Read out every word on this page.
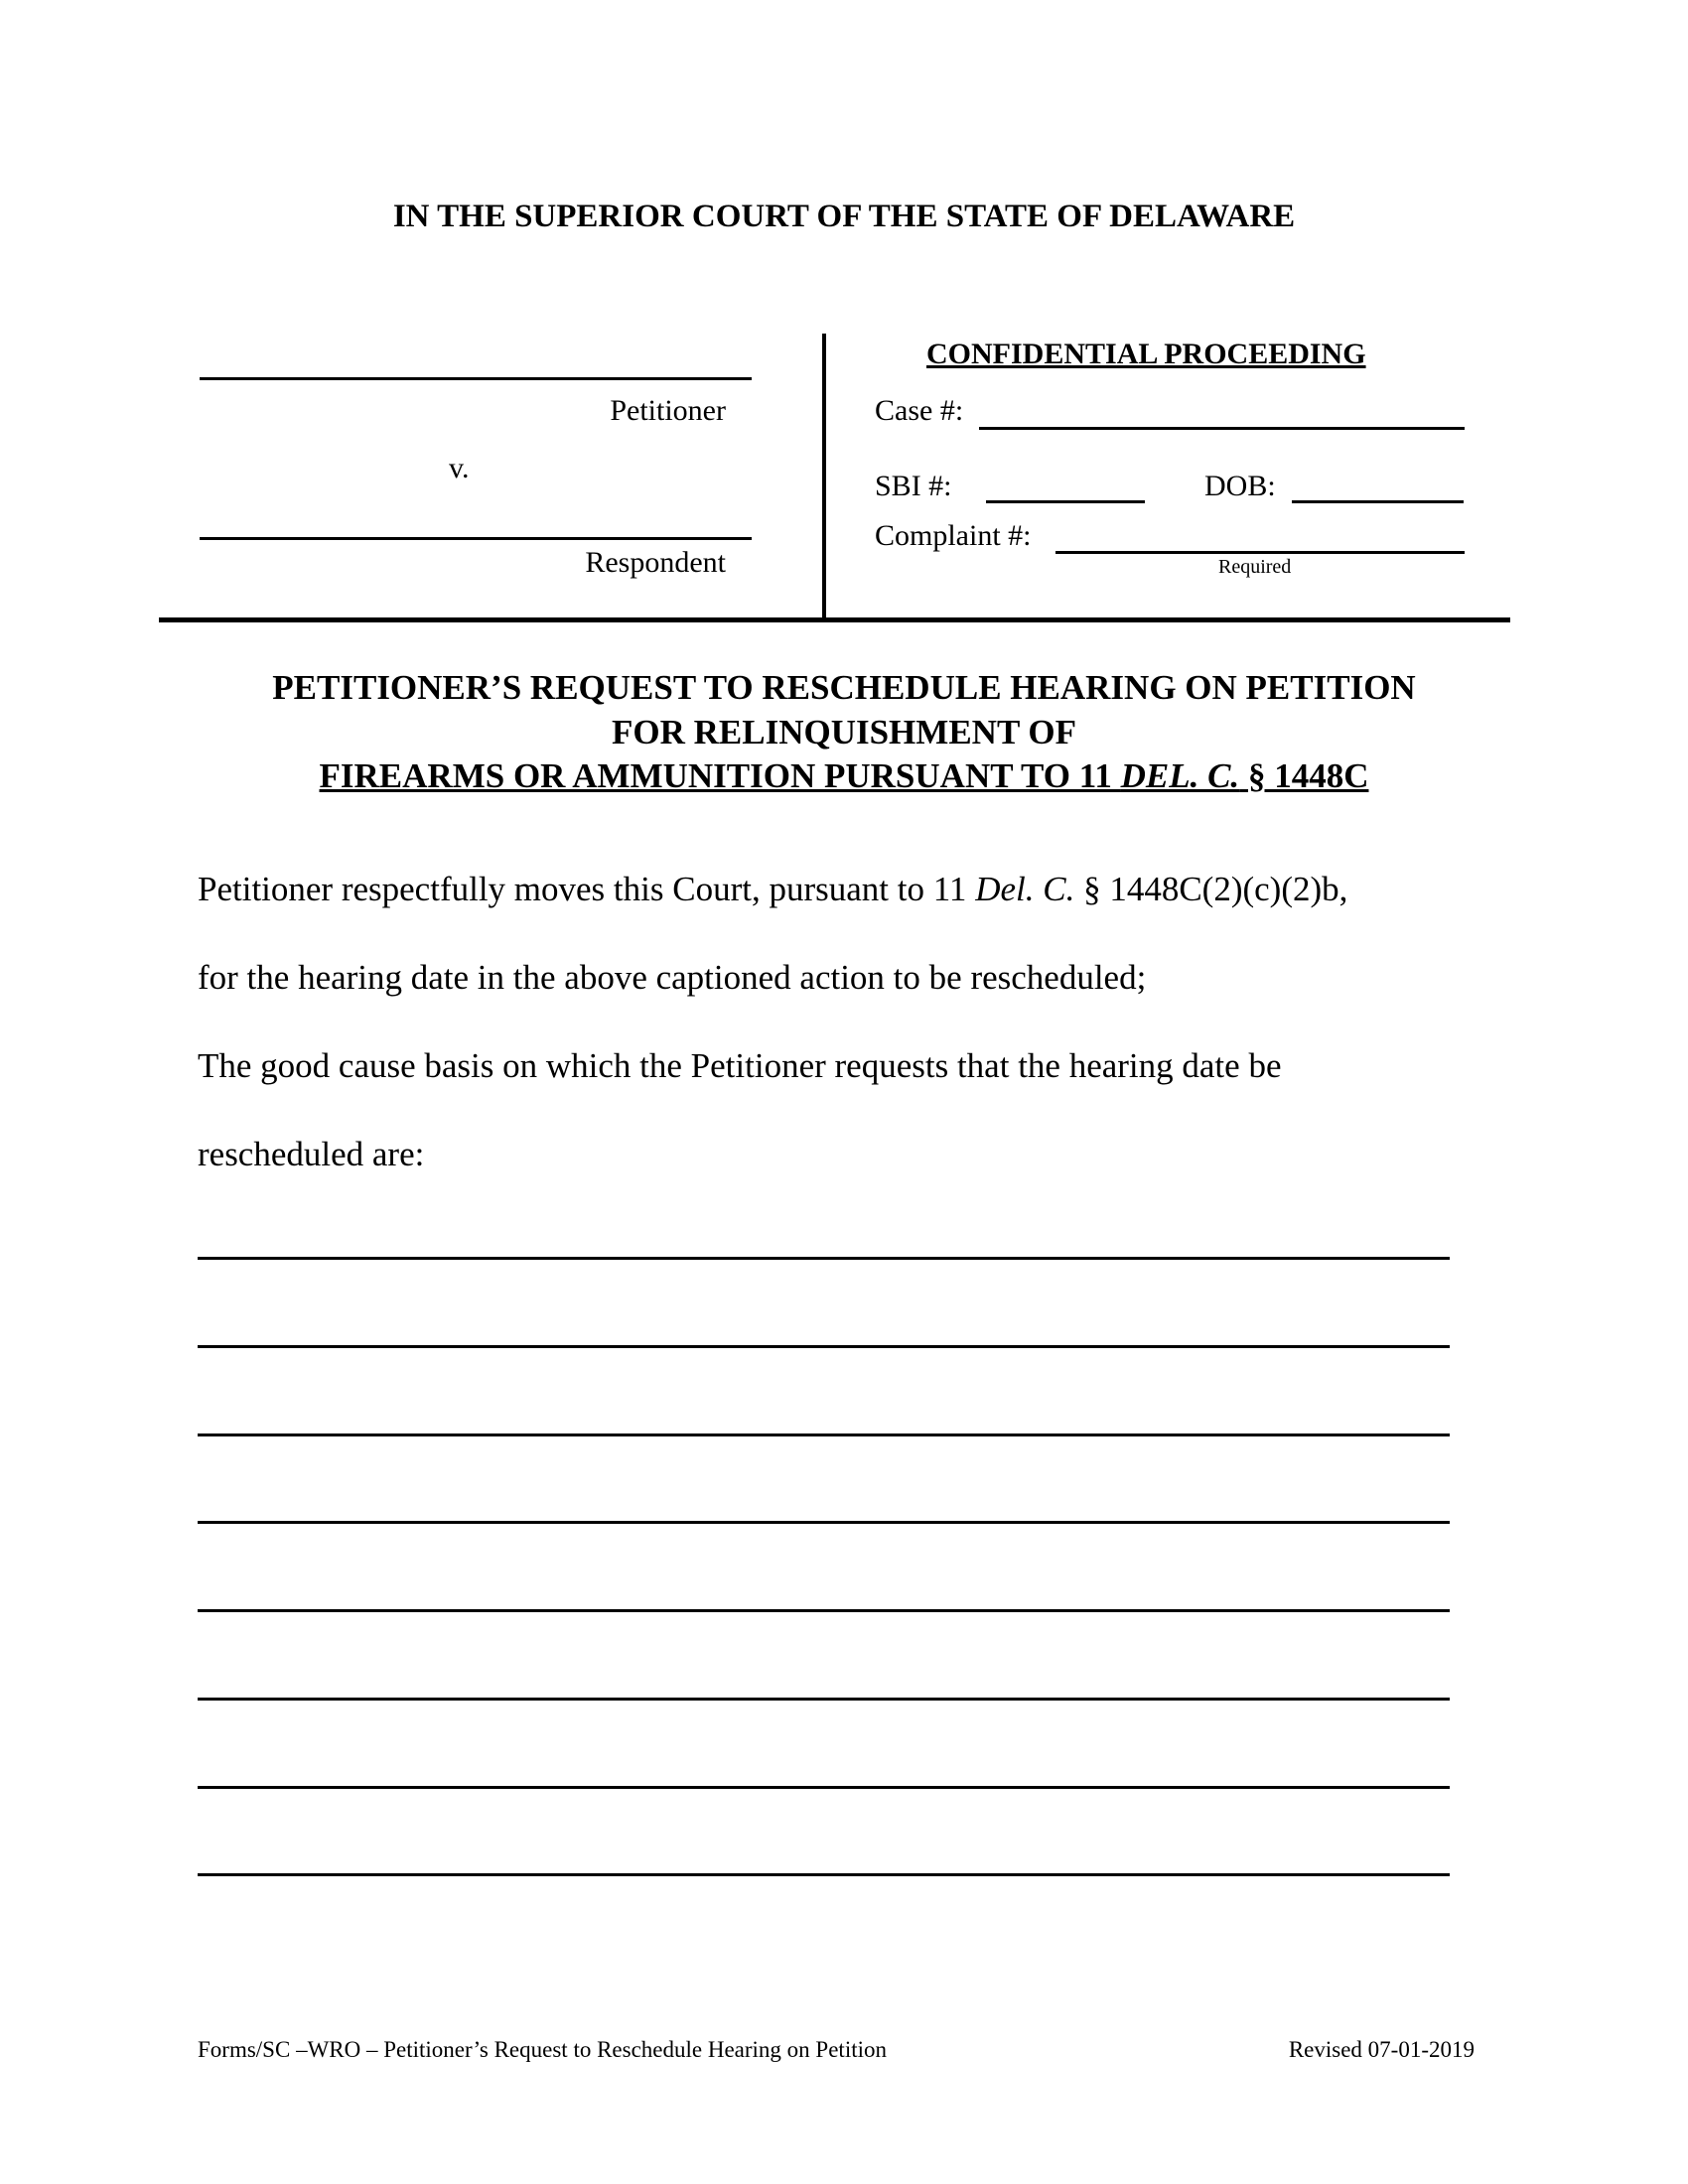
IN THE SUPERIOR COURT OF THE STATE OF DELAWARE
Petitioner
v.
Respondent
CONFIDENTIAL PROCEEDING
Case #:
SBI #:	DOB:
Complaint #:
Required
PETITIONER’S REQUEST TO RESCHEDULE HEARING ON PETITION
FOR RELINQUISHMENT OF
FIREARMS OR AMMUNITION PURSUANT TO 11 DEL. C. § 1448C
Petitioner respectfully moves this Court, pursuant to 11 Del. C. § 1448C(2)(c)(2)b,
for the hearing date in the above captioned action to be rescheduled;
The good cause basis on which the Petitioner requests that the hearing date be
rescheduled are:
Forms/SC –WRO – Petitioner’s Request to Reschedule Hearing on Petition	Revised 07-01-2019
